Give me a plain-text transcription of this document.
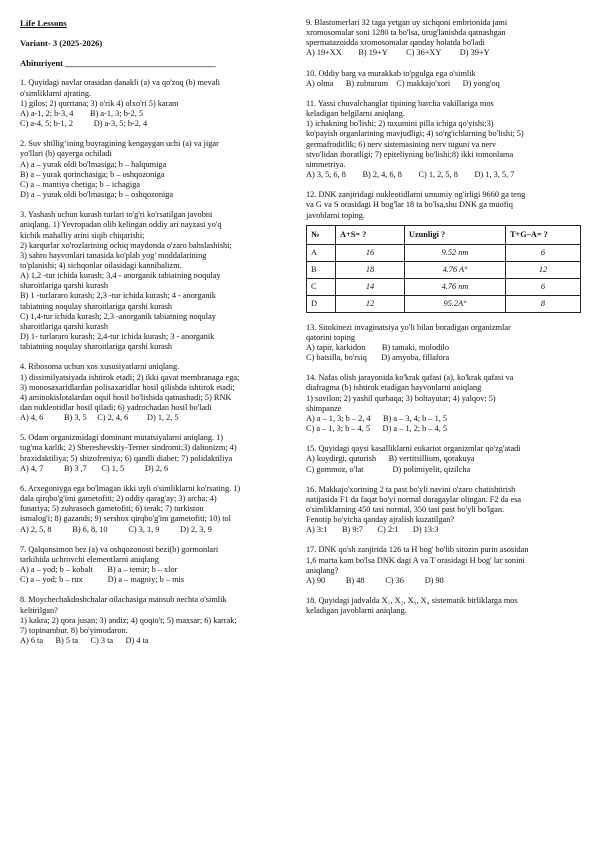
Life Lessons

Variant- 3 (2025-2026)

Abituriyent ___________________________________

1. Quyidagi navlar orasidan danakli (a) va qo'zoq (b) mevali

o'simliklarni ajrating.

1) gilos; 2) qurrtana; 3) o'rik 4) olxo'ri 5) karam

A) a-1, 2; b-3, 4        B) a-1, 3; b-2, 5

C) a-4, 5; b-1, 2          D) a-3, 5; b-2, 4

2. Suv shilligʻining buyragining kengaygan uchi (a) va jigar

yo'llari (b) qayerga ochiladi

A) a – yurak oldi bo'lmasiga; b – halqumiga

B) a – yurak qorinchasiga; b – oshqozoniga

C) a – mantiya chetiga; b – ichagiga

D) a – yurak oldi bo'lmasiga; b – oshqozoniga

3. Yashash uchun kurash turlari to'g'ri ko'rsatilgan javobni

aniqlang. 1) Yevropadan olib kelingan oddiy ari nayzasi yo'q

kichik mahalliy arini siqib chiqarishi;

2) karqurlar xo'rozlarining ochiq maydonda o'zaro bahslashishi;

3) sahro hayvonlari tanasida ko'plab yog' moddalarining

to'planishi; 4) sichqonlar oilasidagi kannibalizm.

A) 1,2 -tur ichida kurash; 3,4 - anorganik tabiatning noqulay

sharoitlariga qarshi kurash

B) 1 -turlararo kurash; 2,3 -tur ichida kurash; 4 - anorganik

tabiatning noqulay sharoitlariga qarshi kurash

C) 1,4-tur ichida kurash; 2,3 -anorganik tabiatning noqulay

sharoitlariga qarshi kurash

D) 1- turlararo kurash; 2,4-tur ichida kurash; 3 - anorganik

tabiatning noqulay sharoitlariga qarshi kurash

4. Ribosoma uchun xos xususiyatlarni aniqlang.

1) dissimilyatsiyada ishtirok etadi; 2) ikki qavat membranaga ega;

3) monosaxaridlardan polisaxaridlar hosil qilishda ishtirok etadi;

4) aminokislotalardan oqsil hosil bo'lishida qatnashadi; 5) RNK

dan nukleotidlar hosil qiladi; 6) yadrochadan hosil bo'ladi

A) 4, 6          B) 3, 5     C) 2, 4, 6         D) 1, 2, 5

5. Odam organizmidagi dominant mutatsiyalarni aniqlang. 1)

tug'ma karlik; 2) Shereshevskiy-Terner sindromi;3) daltonizm; 4)

braxidaktiliya; 5) shizofreniya; 6) qandli diabet; 7) polidaktiliya

A) 4, 7          B) 3 ,7       C) 1, 5          D) 2, 6

6. Arxegoniyga ega bo'lmagan ikki uyli o'simliklarni ko'rsating. 1)

dala qirqbo'g'imi gametofiti; 2) oddiy qarag'ay; 3) archa; 4)

funariya; 5) zuhrasoch gametofiti; 6) terak; 7) turkiston

ismalog'i; 8) gazands; 9) sershox qirqbo'g'im gametofiti; 10) tol

A) 2, 5, 8          B) 6, 8, 10          C) 3, 1, 9          D) 2, 3, 9

7. Qalqonsimon bez (a) va oshqozonosti bezi(b) gormonlari

tarkibida uchrovchi elementlarni aniqlang

A) a – yod; b – kobalt       B) a – temir; b – xlor

C) a – yod; b – rux            D) a – magniy; b – mis

8. Moychechakdoshchalar oilachasiga mansub nechta o'simlik

keltirilgan?

1) kakra; 2) qora jusan; 3) andiz; 4) qoqio't; 5) maxsar; 6) karrak;

7) topinambur. 8) bo'yimodaron.

A) 6 ta      B) 5 ta      C) 3 ta      D) 4 ta

9. Blastomerlari 32 taga yetgan uy sichqoni embrionida jami

xromosomalar soni 1280 ta bo'lsa, urug'lanishda qatnashgan

spermatazoidda xromosomalar qanday holatda bo'ladi

A) 19+XX        B) 19+Y         C) 36+XY         D) 39+Y

10. Oddiy barg va murakkab to'pgulga ega o'simlik

A) olma      B) zubturum    C) makkajo'xori      D) yong'oq

11. Yassi chuvalchanglar tipining barcha vakillariga mos

keladigan belgilarni aniqlang.

1) ichakning bo'lishi; 2) tuxumini pilla ichiga qo'yishi;3)

ko'payish organlarining mavjudligi; 4) so'rg'ichlarning bo'lishi; 5)

germafroditlik; 6) nerv sistemasining nerv tuguni va nerv

stvo'lidan iboratligi; 7) epiteliyning bo'lishi;8) ikki tomonlama

simmetriya.

A) 3, 5, 6, 8        B) 2, 4, 6, 8        C) 1, 2, 5, 8        D) 1, 3, 5, 7

12. DNK zanjiridagi nukleotidlarni umumiy og'irligi 9660 ga teng

va G va S orasidagi H bog'lar 18 ta bo'lsa,shu DNK ga muofiq

javoblarni toping.

№	A+S= ?	Uzunligi ?	T+G–A= ?
A	16	9.52 nm	6
B	18	4.76 A°	12
C	14	4.76 nm	6
D	12	95.2A°	8

13. Sitokinezi invaginatsiya yo'li bilan boradigan organizmlar

qatorini toping

A) tapir, karkidon        B) tamaki, molodilo

C) batsilla, bo'rsiq       D) amyoba, fillafora

14. Nafas olish jarayonida ko'krak qafasi (a), ko'krak qafasi va

diafragma (b) ishtirok etadigan hayvonlarni aniqlang

1) suvilon; 2) yashil qurbaqa; 3) boltayutar; 4) yalqov; 5)

shimpanze

A) a – 1, 3; b – 2, 4      B) a – 3, 4; b – 1, 5

C) a – 1, 3; b – 4, 5      D) a – 1, 2; b – 4, 5

15. Quyidagi qaysi kasalliklarni eukariot organizmlar qo'zg'atadi

A) kuydirgi, quturish      B) vertitsillium, qorakuya

C) gommoz, o'lat              D) polimiyelit, qizilcha

16. Makkajo'xorining 2 ta past bo'yli navini o'zaro chatishtirish

natijasida F1 da faqat bo'yi normal duragaylar olingan. F2 da esa

o'simliklarning 450 tasi normal, 350 tasi past bo'yli bo'lgan.

Fenotip bo'yicha qanday ajralish kuzatilgan?

A) 3:1       B) 9:7       C) 2:1       D) 13:3

17. DNK qo'sh zanjirida 126 ta H bog' bo'lib sitozin purin asosidan

1,6 marta kam bo'lsa DNK dagi A va T orasidagi H bog' lar sonini

aniqlang?

A) 90          B) 48          C) 36          D) 98

18. Quyidagi jadvalda X₁, X₂, X₃, X₄ sistematik birliklarga mos

keladigan javoblarni aniqlang.
